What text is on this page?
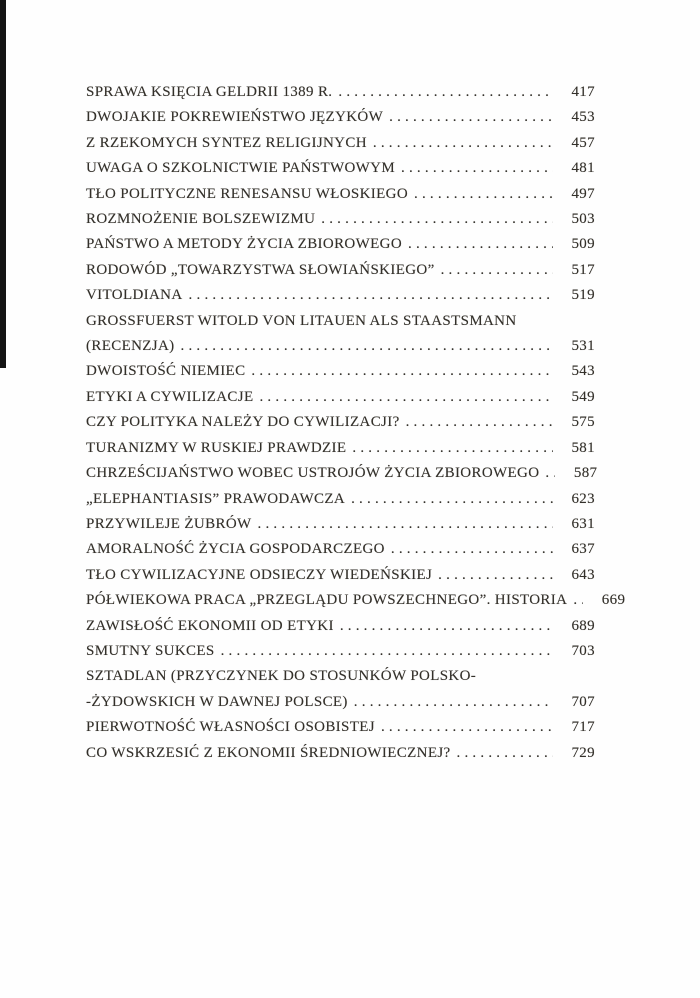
SPRAWA KSIĘCIA GELDRII 1389 R. .....	417
DWOJAKIE POKREWIEŃSTWO JĘZYKÓW .....	453
Z RZEKOMYCH SYNTEZ RELIGIJNYCH .....	457
UWAGA O SZKOLNICTWIE PAŃSTWOWYM .....	481
TŁO POLITYCZNE RENESANSU WŁOSKIEGO .....	497
ROZMNOŻENIE BOLSZEWIZMU .....	503
PAŃSTWO A METODY ŻYCIA ZBIOROWEGO .....	509
RODOWÓD „TOWARZYSTWA SŁOWIAŃSKIEGO” .....	517
VITOLDIANA .....	519
GROSSFUERST WITOLD VON LITAUEN ALS STAASTSMANN
(RECENZJA) .....	531
DWOISTOŚĆ NIEMIEC .....	543
ETYKI A CYWILIZACJE .....	549
CZY POLITYKA NALEŻY DO CYWILIZACJI? .....	575
TURANIZMY W RUSKIEJ PRAWDZIE .....	581
CHRZEŚCIJAŃSTWO WOBEC USTROJÓW ŻYCIA ZBIOROWEGO .....	587
„ELEPHANTIASIS” PRAWODAWCZA .....	623
PRZYWILEJE ŻUBRÓW .....	631
AMORALNOŚĆ ŻYCIA GOSPODARCZEGO .....	637
TŁO CYWILIZACYJNE ODSIECZY WIEDEŃSKIEJ .....	643
PÓŁWIEKOWA PRACA „PRZEGLĄDU POWSZECHNEGO”. HISTORIA .....	669
ZAWISŁOŚĆ EKONOMII OD ETYKI .....	689
SMUTNY SUKCES .....	703
SZTADLAN (PRZYCZYNEK DO STOSUNKÓW POLSKO-
-ŻYDOWSKICH W DAWNEJ POLSCE) .....	707
PIERWOTNOŚĆ WŁASNOŚCI OSOBISTEJ .....	717
CO WSKRZESIĆ Z EKONOMII ŚREDNIOWIECZNEJ? .....	729
